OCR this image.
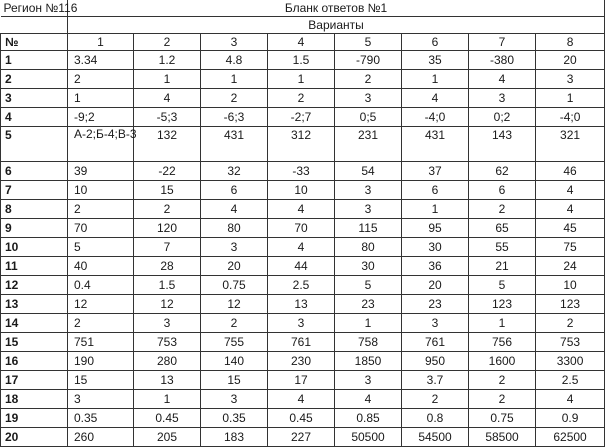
Регион №116	Бланк ответов №1							
	Варианты							
№	1	2	3	4	5	6	7	8
1	3.34	1.2	4.8	1.5	-790	35	-380	20
2	2	1	1	1	2	1	4	3
3	1	4	2	2	3	4	3	1
4	-9;2	-5;3	-6;3	-2;7	0;5	-4;0	0;2	-4;0
5	А-2;Б-4;В-3	132	431	312	231	431	143	321
6	39	-22	32	-33	54	37	62	46
7	10	15	6	10	3	6	6	4
8	2	2	4	4	3	1	2	4
9	70	120	80	70	115	95	65	45
10	5	7	3	4	80	30	55	75
11	40	28	20	44	30	36	21	24
12	0.4	1.5	0.75	2.5	5	20	5	10
13	12	12	12	13	23	23	123	123
14	2	3	2	3	1	3	1	2
15	751	753	755	761	758	761	756	753
16	190	280	140	230	1850	950	1600	3300
17	15	13	15	17	3	3.7	2	2.5
18	3	1	3	4	4	2	2	4
19	0.35	0.45	0.35	0.45	0.85	0.8	0.75	0.9
20	260	205	183	227	50500	54500	58500	62500
